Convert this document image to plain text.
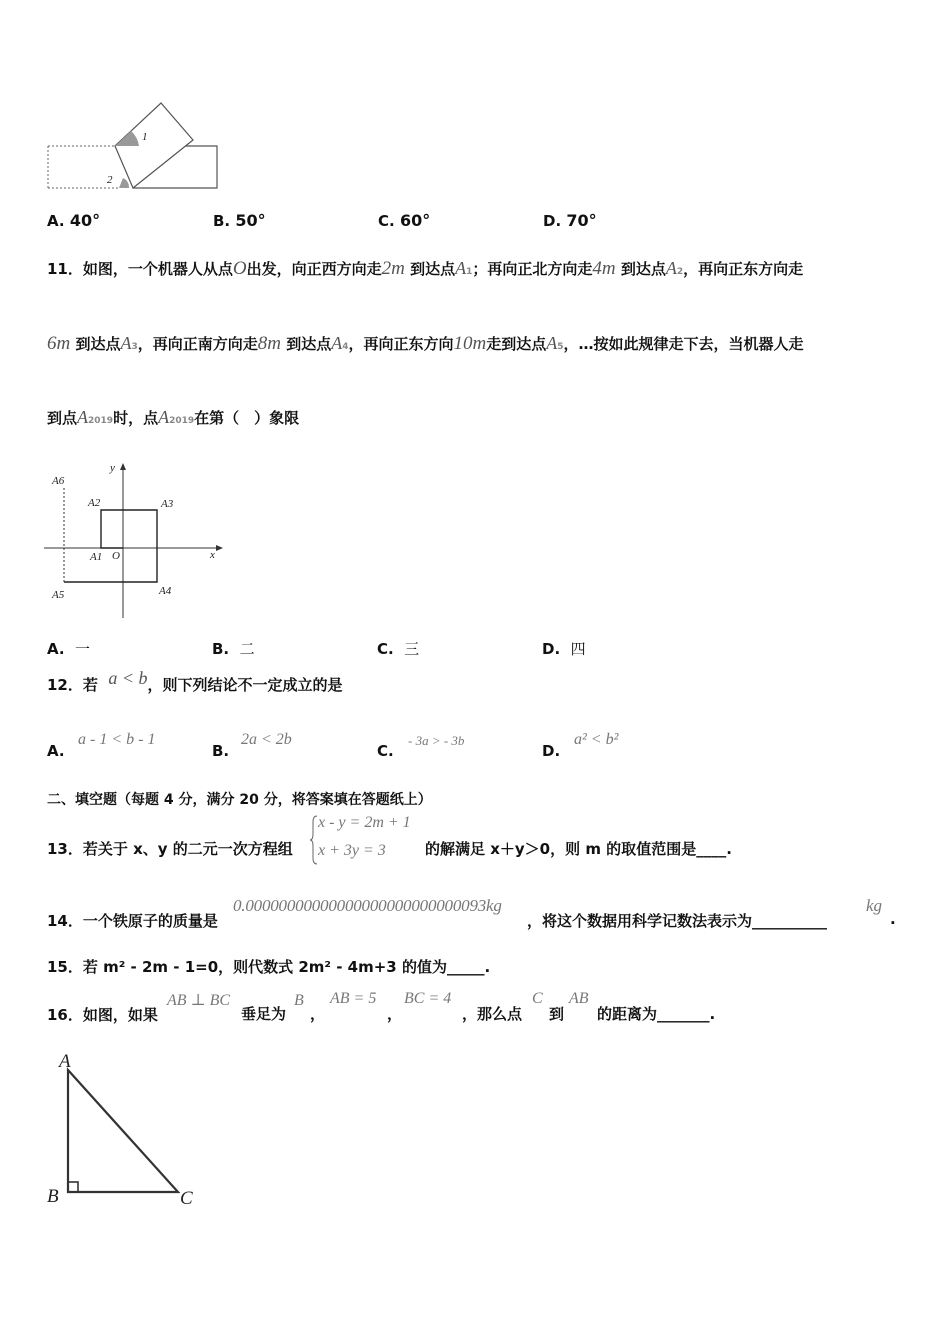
1
2
A. 40°	B. 50°	C. 60°	D. 70°
11．如图，一个机器人从点O出发，向正西方向走2m 到达点A1；再向正北方向走4m 到达点A2，再向正东方向走
6m 到达点A3，再向正南方向走8m 到达点A4，再向正东方向10m走到达点A5，…按如此规律走下去，当机器人走
到点A2019时，点A2019在第（　）象限
A6
A2	A3
y
x
A1 O
A5	A4
A. 一	B. 二	C. 三	D. 四
12．若 a < b，则下列结论不一定成立的是
A.
a - 1 < b - 1
B.
2a < 2b
C.
- 3a > - 3b
D.
a² < b²
二、填空题（每题 4 分，满分 20 分，将答案填在答题纸上）
13．若关于 x、y 的二元一次方程组
x - y = 2m + 1
x + 3y = 3	的解满足 x＋y＞0，则 m 的取值范围是____.
14．一个铁原子的质量是
0.00000000000000000000000000093kg
，将这个数据用科学记数法表示为__________
kg
.
15．若 m² - 2m - 1=0，则代数式 2m² - 4m+3 的值为_____.
16．如图，如果
AB ⊥ BC
垂足为
B
，
AB = 5
，
BC = 4
，那么点
C
到
AB
的距离为_______.
A
B	C
